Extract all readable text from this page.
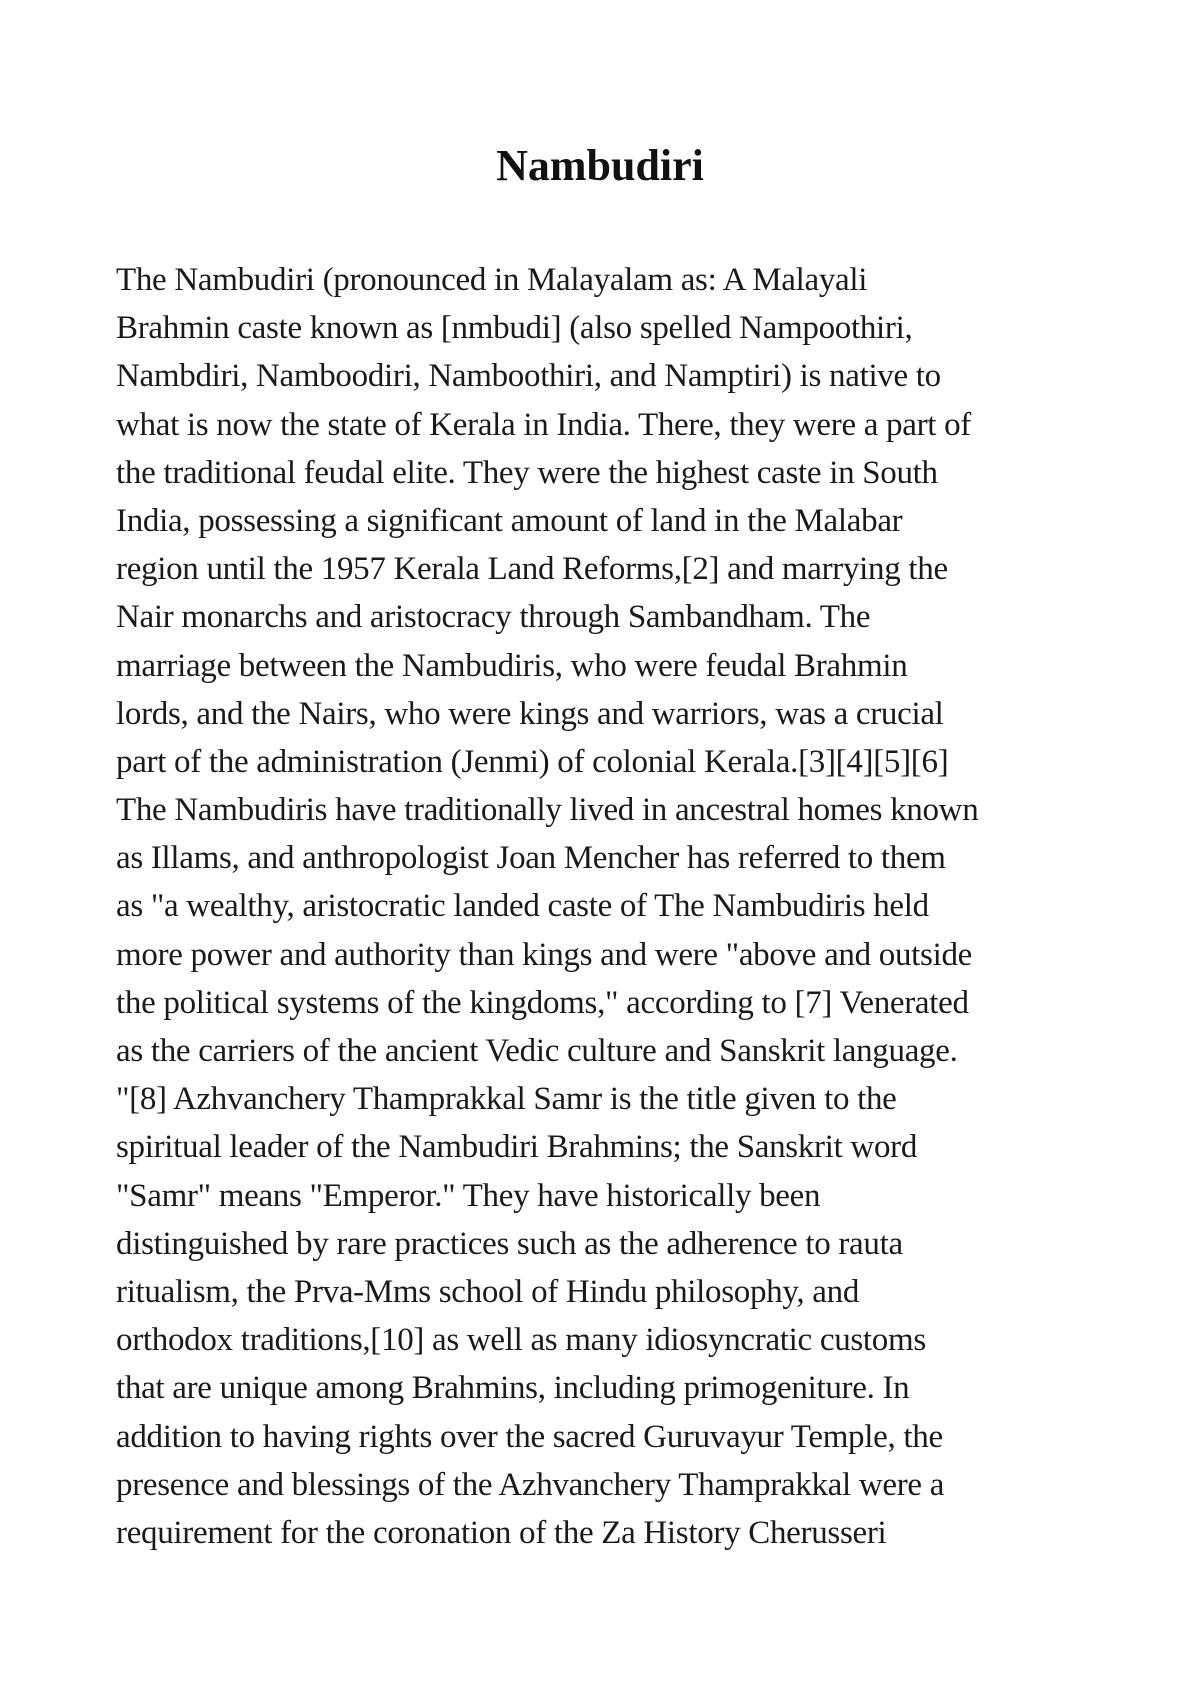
Nambudiri
The Nambudiri (pronounced in Malayalam as: A Malayali
Brahmin caste known as [nmbudi] (also spelled Nampoothiri,
Nambdiri, Namboodiri, Namboothiri, and Namptiri) is native to
what is now the state of Kerala in India. There, they were a part of
the traditional feudal elite. They were the highest caste in South
India, possessing a significant amount of land in the Malabar
region until the 1957 Kerala Land Reforms,[2] and marrying the
Nair monarchs and aristocracy through Sambandham. The
marriage between the Nambudiris, who were feudal Brahmin
lords, and the Nairs, who were kings and warriors, was a crucial
part of the administration (Jenmi) of colonial Kerala.[3][4][5][6]
The Nambudiris have traditionally lived in ancestral homes known
as Illams, and anthropologist Joan Mencher has referred to them
as "a wealthy, aristocratic landed caste of The Nambudiris held
more power and authority than kings and were "above and outside
the political systems of the kingdoms," according to [7] Venerated
as the carriers of the ancient Vedic culture and Sanskrit language.
"[8] Azhvanchery Thamprakkal Samr is the title given to the
spiritual leader of the Nambudiri Brahmins; the Sanskrit word
"Samr" means "Emperor." They have historically been
distinguished by rare practices such as the adherence to rauta
ritualism, the Prva-Mms school of Hindu philosophy, and
orthodox traditions,[10] as well as many idiosyncratic customs
that are unique among Brahmins, including primogeniture. In
addition to having rights over the sacred Guruvayur Temple, the
presence and blessings of the Azhvanchery Thamprakkal were a
requirement for the coronation of the Za History Cherusseri
